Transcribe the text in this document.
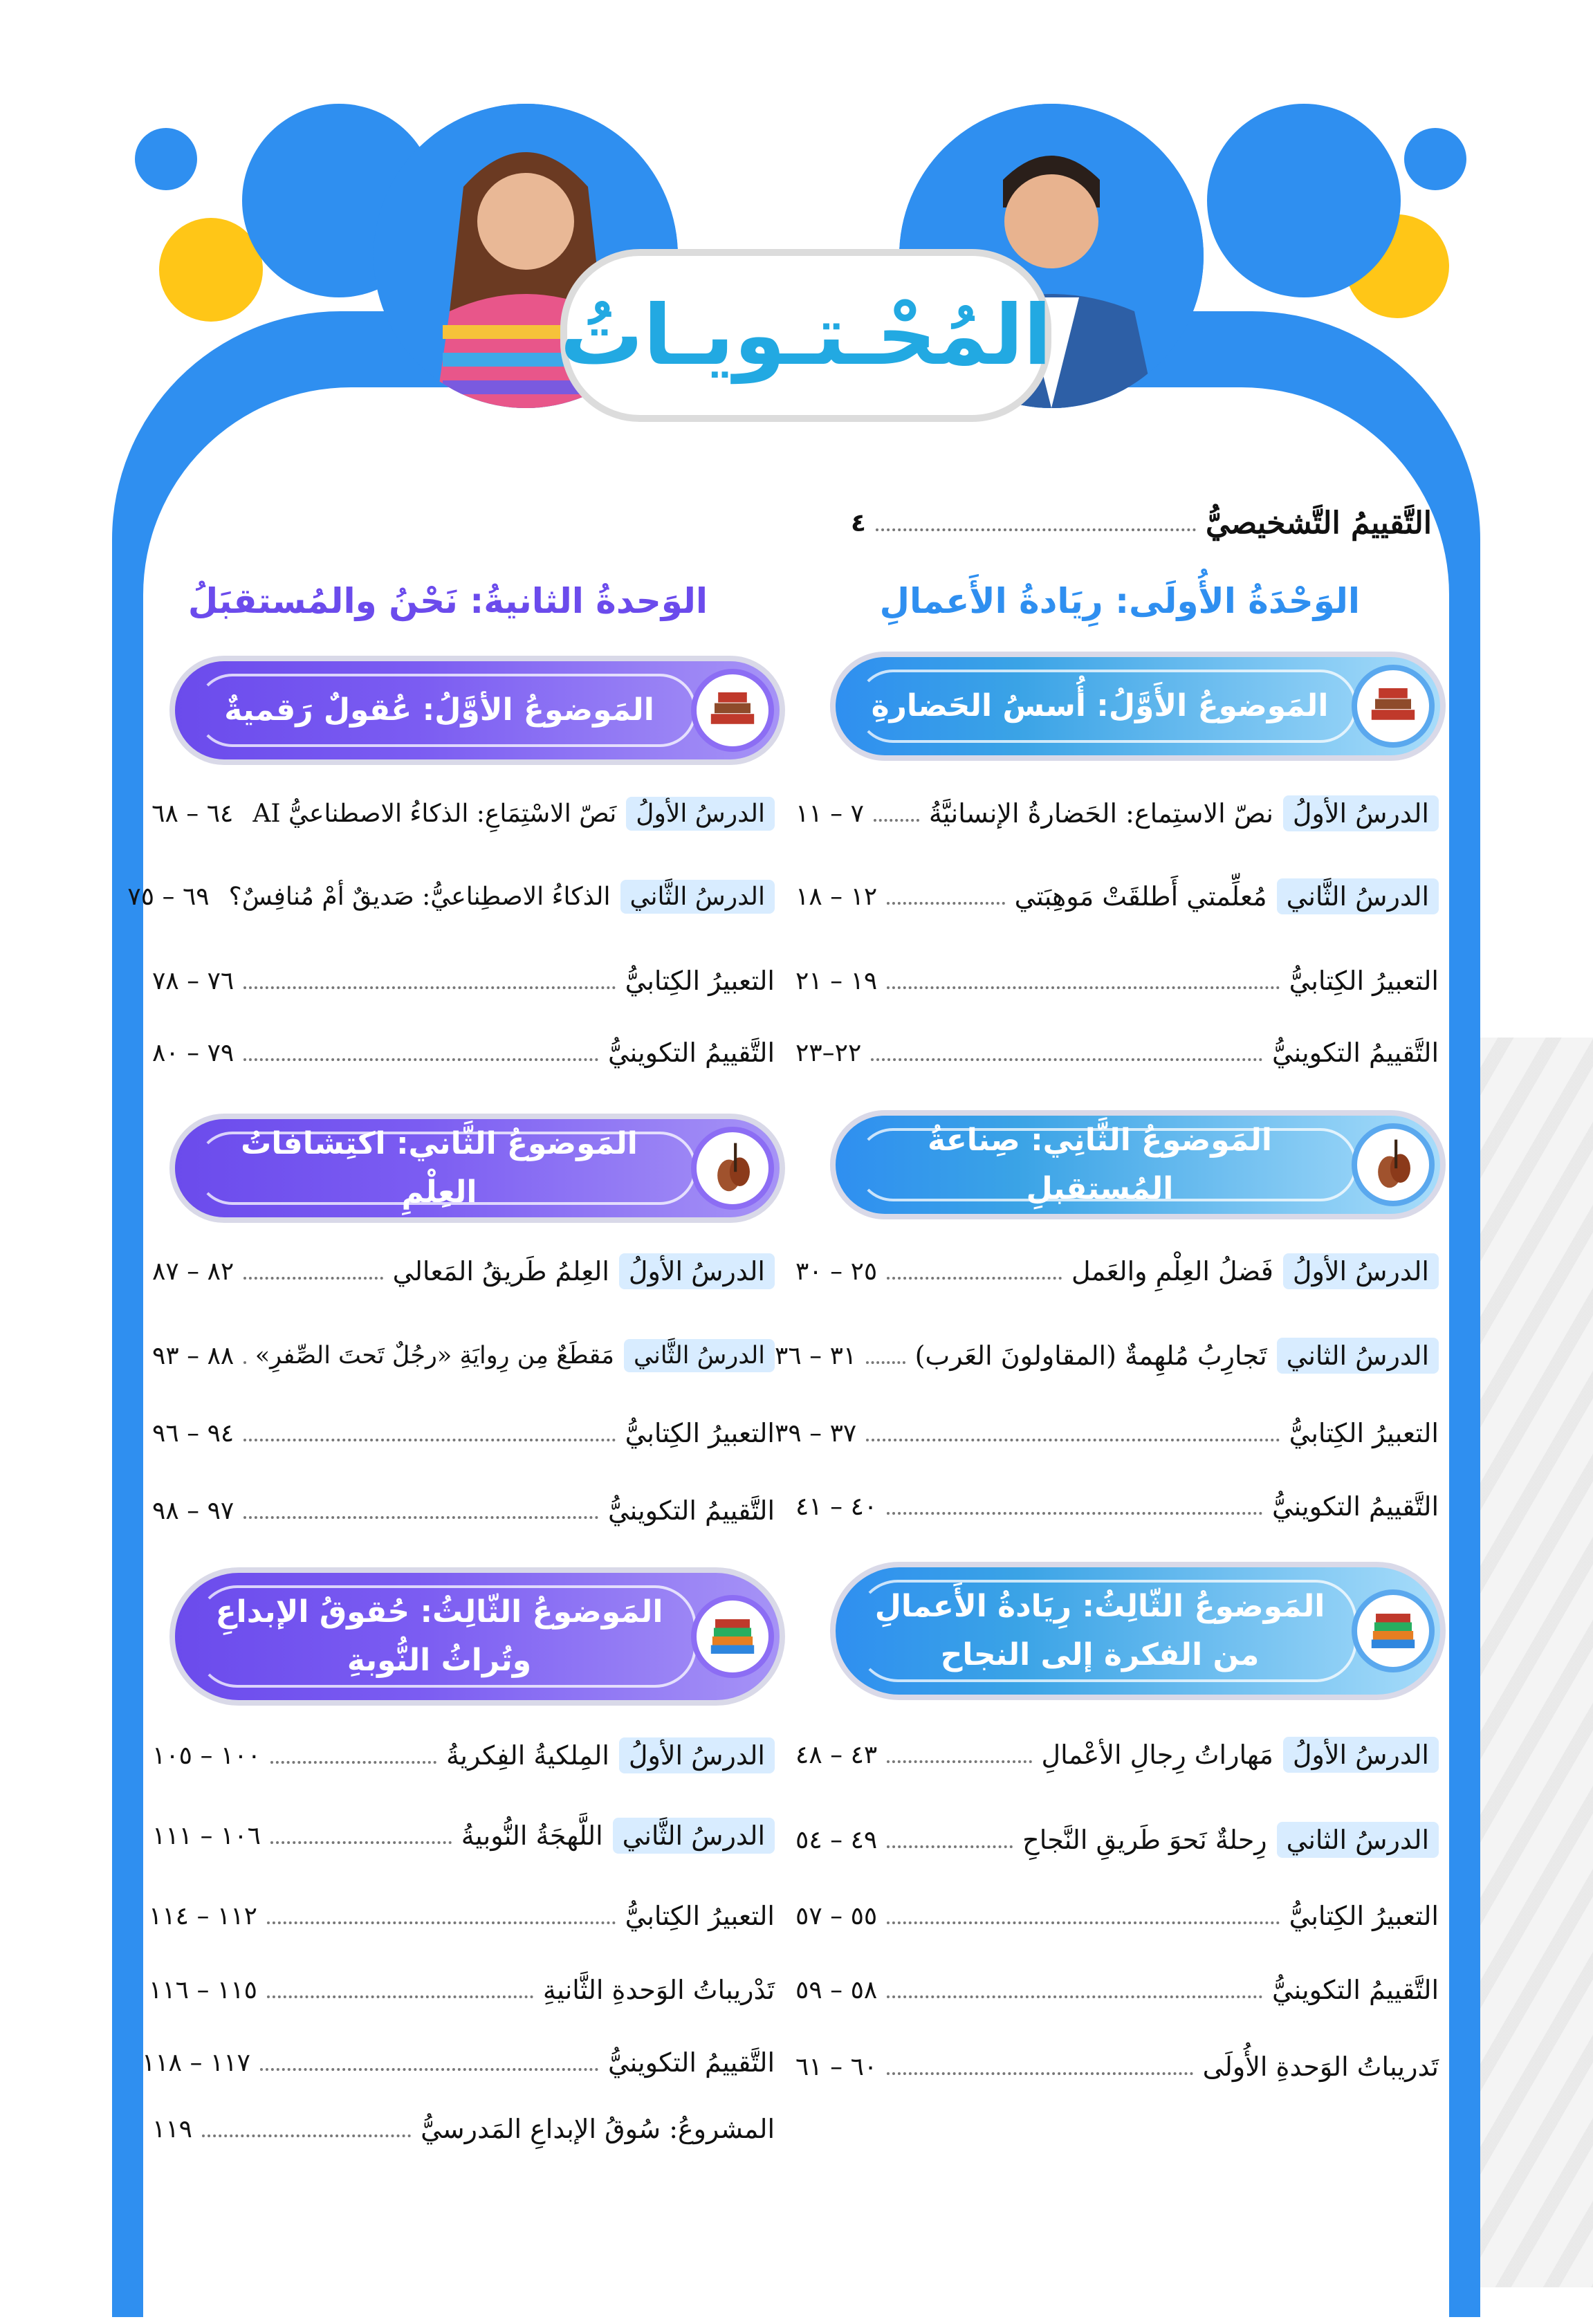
المُحْـتـويـاتُ
التَّقييمُ التَّشخيصيُّ
٤
الوَحْدَةُ الأُولَى: رِيَادةُ الأَعمالِ
الوَحدةُ الثانيةُ: نَحْنُ والمُستقبَلُ
المَوضوعُ الأَوَّلُ: أُسسُ الحَضارةِ
الدرسُ الأولُ
نصّ الاستِماع: الحَضارةُ الإنسانيَّةُ
٧ – ١١
الدرسُ الثَّاني
مُعلِّمتي أَطلقَتْ مَوهِبَتي
١٢ – ١٨
التعبيرُ الكِتابيُّ
١٩ – ٢١
التَّقييمُ التكوينيُّ
٢٢–٢٣
المَوضوعُ الثَّانِي: صِناعةُ المُستقبلِ
الدرسُ الأولُ
فَضلُ العِلْمِ والعَمل
٢٥ – ٣٠
الدرسُ الثاني
تَجارِبُ مُلهِمةٌ (المقاولونَ العَرب)
٣١ – ٣٦
التعبيرُ الكِتابيُّ
٣٧ – ٣٩
التَّقييمُ التكوينيُّ
٤٠ – ٤١
المَوضوعُ الثّالِثُ: رِيَادةُ الأَعمالِ
من الفكرة إلى النجاح
الدرسُ الأولُ
مَهاراتُ رِجالِ الأعْمالِ
٤٣ – ٤٨
الدرسُ الثاني
رِحلةٌ نَحوَ طَريقِ النَّجاحِ
٤٩ – ٥٤
التعبيرُ الكِتابيُّ
٥٥ – ٥٧
التَّقييمُ التكوينيُّ
٥٨ – ٥٩
تَدريباتُ الوَحدةِ الأُولَى
٦٠ – ٦١
المَوضوعُ الأوَّلُ: عُقولٌ رَقميةٌ
الدرسُ الأولُ
نَصّ الاسْتِمَاعِ: الذكاءُ الاصطناعيُّ AI
٦٤ – ٦٨
الدرسُ الثَّاني
الذكاءُ الاصطِناعيُّ: صَديقٌ أمْ مُنافِسٌ؟
٦٩ – ٧٥
التعبيرُ الكِتابيُّ
٧٦ – ٧٨
التَّقييمُ التكوينيُّ
٧٩ – ٨٠
المَوضوعُ الثَّاني: اكتِشافاتُ العِلْمِ
الدرسُ الأولُ
العِلمُ طَريقُ المَعالي
٨٢ – ٨٧
الدرسُ الثَّاني
مَقطَعٌ مِن رِوايَةِ «رجُلٌ تَحتَ الصِّفرِ»
٨٨ – ٩٣
التعبيرُ الكِتابيُّ
٩٤ – ٩٦
التَّقييمُ التكوينيُّ
٩٧ – ٩٨
المَوضوعُ الثّالِثُ: حُقوقُ الإبداعِ
وتُراثُ النُّوبةِ
الدرسُ الأولُ
المِلكيةُ الفِكريةُ
١٠٠ – ١٠٥
الدرسُ الثَّاني
اللَّهجَةُ النُّوبيةُ
١٠٦ – ١١١
التعبيرُ الكِتابيُّ
١١٢ – ١١٤
تَدْريباتُ الوَحدةِ الثَّانيةِ
١١٥ – ١١٦
التَّقييمُ التكوينيُّ
١١٧ – ١١٨
المشروعُ: سُوقُ الإبداعِ المَدرسيُّ
١١٩
